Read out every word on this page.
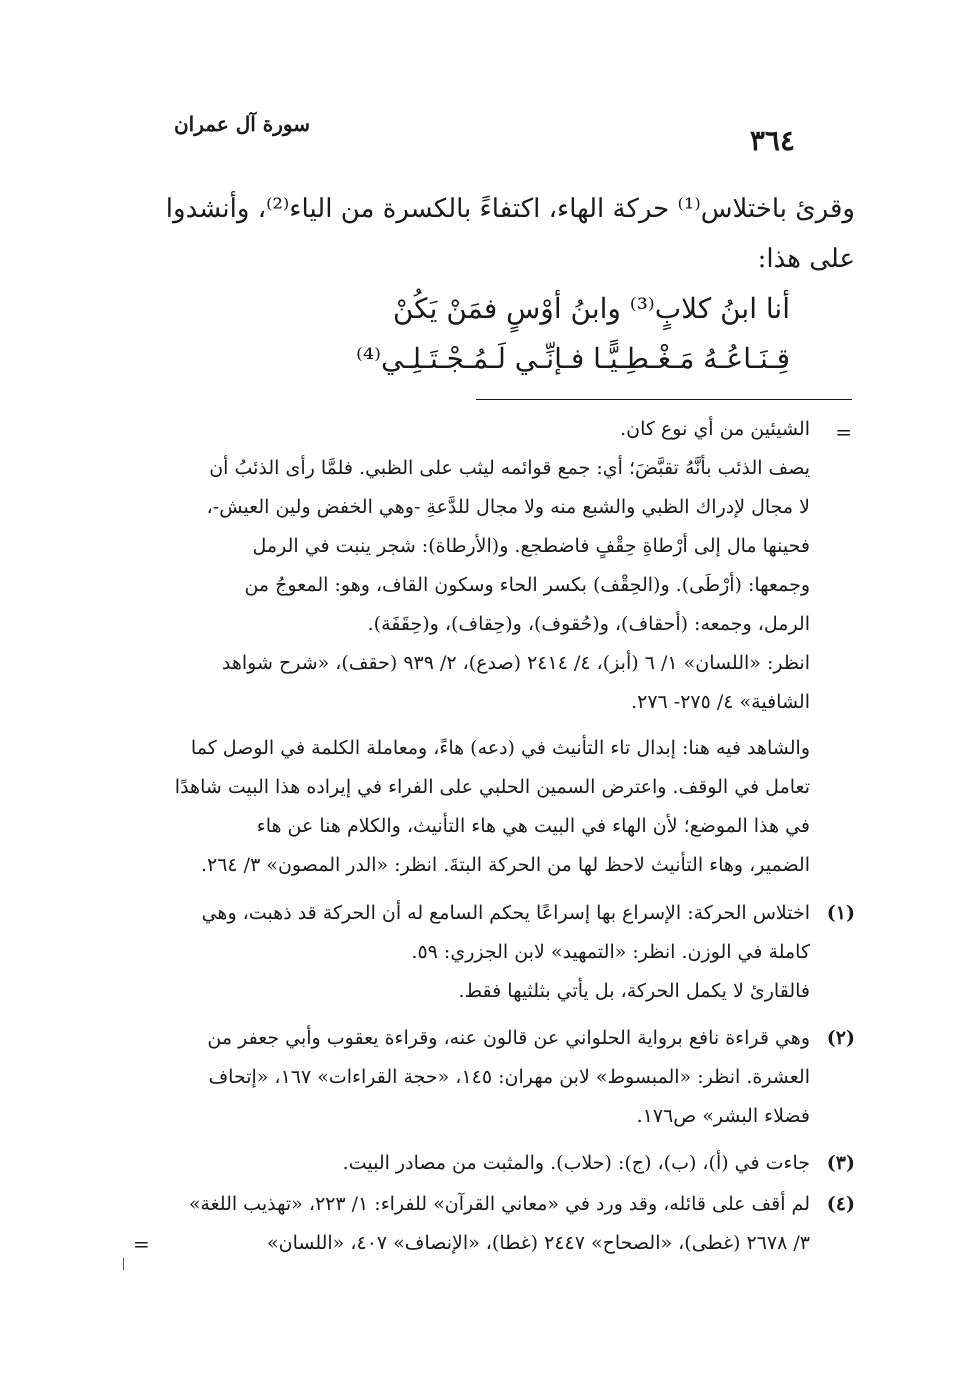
سورة آل عمران	٣٦٤
وقرئ باختلاس⁽¹⁾ حركة الهاء، اكتفاءً بالكسرة من الياء⁽²⁾، وأنشدوا
على هذا:
أنا ابنُ كلابٍ⁽³⁾ وابنُ أوْسٍ فمَنْ يَكُنْ
قِـنَـاعُـهُ مَـغْـطِـيًّـا فـإنِّـي لَـمُـجْـتَـلِـي⁽⁴⁾
=
الشيئين من أي نوع كان.
يصف الذئب بأنَّهُ تقبَّضَ؛ أي: جمع قوائمه ليثب على الظبي. فلمَّا رأى الذئبُ أن
لا مجال لإدراك الظبي والشبع منه ولا مجال للدَّعةِ -وهي الخفض ولين العيش-،
فحينها مال إلى أرْطاةِ حِقْفٍ فاضطجع. و(الأرطاة): شجر ينبت في الرمل
وجمعها: (أرْطَى). و(الحِقْف) بكسر الحاء وسكون القاف، وهو: المعوجُ من
الرمل، وجمعه: (أحقاف)، و(حُقوف)، و(حِقاف)، و(حِقَفَة).
انظر: «اللسان» ١/ ٦ (أبز)، ٤/ ٢٤١٤ (صدع)، ٢/ ٩٣٩ (حقف)، «شرح شواهد
الشافية» ٤/ ٢٧٥- ٢٧٦.
والشاهد فيه هنا: إبدال تاء التأنيث في (دعه) هاءً، ومعاملة الكلمة في الوصل كما
تعامل في الوقف. واعترض السمين الحلبي على الفراء في إيراده هذا البيت شاهدًا
في هذا الموضع؛ لأن الهاء في البيت هي هاء التأنيث، والكلام هنا عن هاء
الضمير، وهاء التأنيث لاحظ لها من الحركة البتةَ. انظر: «الدر المصون» ٣/ ٢٦٤.
(١)
اختلاس الحركة: الإسراع بها إسراعًا يحكم السامع له أن الحركة قد ذهبت، وهي
كاملة في الوزن. انظر: «التمهيد» لابن الجزري: ٥٩.
فالقارئ لا يكمل الحركة، بل يأتي بثلثيها فقط.
(٢)
وهي قراءة نافع برواية الحلواني عن قالون عنه، وقراءة يعقوب وأبي جعفر من
العشرة. انظر: «المبسوط» لابن مهران: ١٤٥، «حجة القراءات» ١٦٧، «إتحاف
فضلاء البشر» ص١٧٦.
(٣)
جاءت في (أ)، (ب)، (ج): (حلاب). والمثبت من مصادر البيت.
(٤)
لم أقف على قائله، وقد ورد في «معاني القرآن» للفراء: ١/ ٢٢٣، «تهذيب اللغة»
٣/ ٢٦٧٨ (غطى)، «الصحاح» ٢٤٤٧ (غطا)، «الإنصاف» ٤٠٧، «اللسان»
=
